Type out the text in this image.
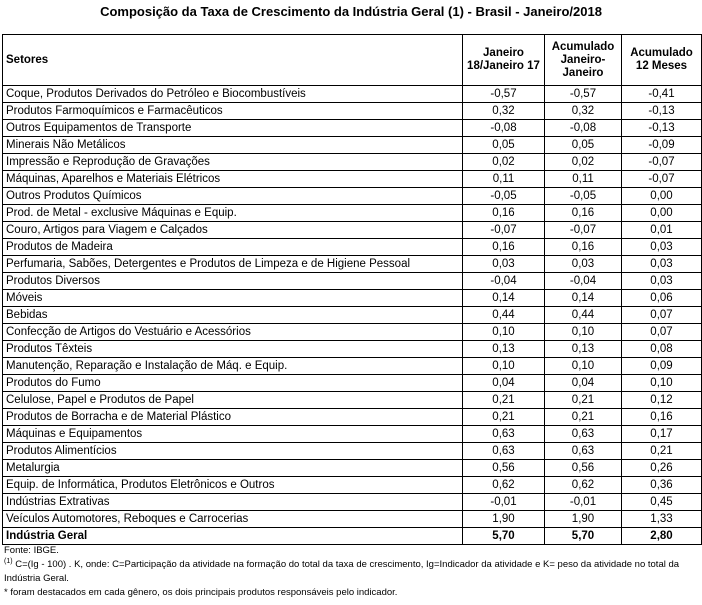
Composição da Taxa de Crescimento da Indústria Geral (1) - Brasil - Janeiro/2018
Setores	Janeiro 18/Janeiro 17	Acumulado Janeiro-Janeiro	Acumulado 12 Meses
Coque, Produtos Derivados do Petróleo e Biocombustíveis	-0,57	-0,57	-0,41
Produtos Farmoquímicos e Farmacêuticos	0,32	0,32	-0,13
Outros Equipamentos de Transporte	-0,08	-0,08	-0,13
Minerais Não Metálicos	0,05	0,05	-0,09
Impressão e Reprodução de Gravações	0,02	0,02	-0,07
Máquinas, Aparelhos e Materiais Elétricos	0,11	0,11	-0,07
Outros Produtos Químicos	-0,05	-0,05	0,00
Prod. de Metal - exclusive Máquinas e Equip.	0,16	0,16	0,00
Couro, Artigos para Viagem e Calçados	-0,07	-0,07	0,01
Produtos de Madeira	0,16	0,16	0,03
Perfumaria, Sabões, Detergentes e Produtos de Limpeza e de Higiene Pessoal	0,03	0,03	0,03
Produtos Diversos	-0,04	-0,04	0,03
Móveis	0,14	0,14	0,06
Bebidas	0,44	0,44	0,07
Confecção de Artigos do Vestuário e Acessórios	0,10	0,10	0,07
Produtos Têxteis	0,13	0,13	0,08
Manutenção, Reparação e Instalação de Máq. e Equip.	0,10	0,10	0,09
Produtos do Fumo	0,04	0,04	0,10
Celulose, Papel e Produtos de Papel	0,21	0,21	0,12
Produtos de Borracha e de Material Plástico	0,21	0,21	0,16
Máquinas e Equipamentos	0,63	0,63	0,17
Produtos Alimentícios	0,63	0,63	0,21
Metalurgia	0,56	0,56	0,26
Equip. de Informática, Produtos Eletrônicos e Outros	0,62	0,62	0,36
Indústrias Extrativas	-0,01	-0,01	0,45
Veículos Automotores, Reboques e Carrocerias	1,90	1,90	1,33
Indústria Geral	5,70	5,70	2,80
Fonte: IBGE.
$^{(1)}$ C=(Ig - 100) . K, onde: C=Participação da atividade na formação do total da taxa de crescimento, Ig=Indicador da atividade e K= peso da atividade no total da Indústria Geral.
* foram destacados em cada gênero, os dois principais produtos responsáveis pelo indicador.
